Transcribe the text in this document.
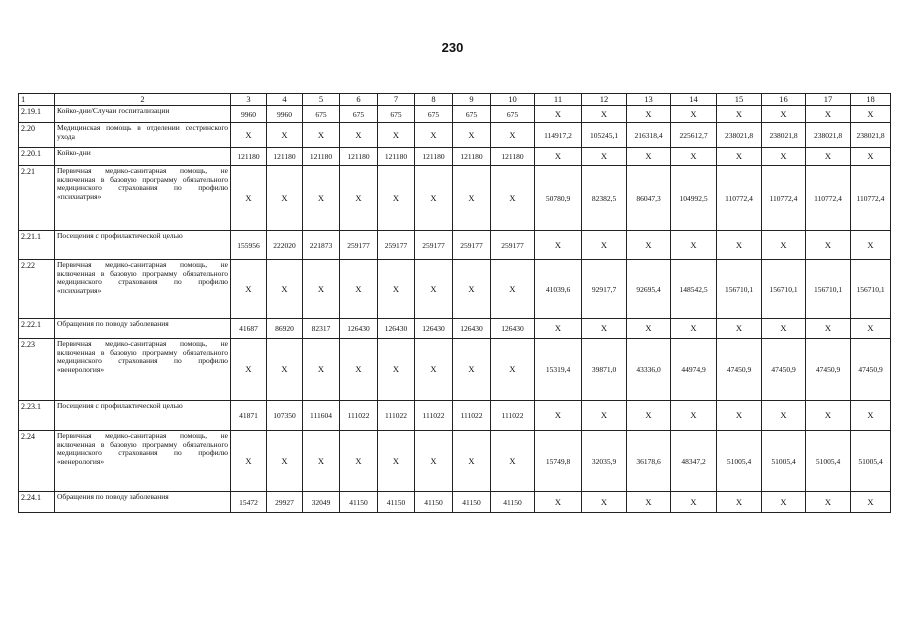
230
1	2	3	4	5	6	7	8	9	10	11	12	13	14	15	16	17	18
2.19.1	Койко-дни/Случаи госпитализации	9960	9960	675	675	675	675	675	675	X	X	X	X	X	X	X	X
2.20	Медицинская помощь в отделении сестринского ухода	X	X	X	X	X	X	X	X	114917,2	105245,1	216318,4	225612,7	238021,8	238021,8	238021,8	238021,8
2.20.1	Койко-дни	121180	121180	121180	121180	121180	121180	121180	121180	X	X	X	X	X	X	X	X
2.21	Первичная медико-санитарная помощь, не включенная в базовую программу обязательного медицинского страхования по профилю «психиатрия»	X	X	X	X	X	X	X	X	50780,9	82382,5	86047,3	104992,5	110772,4	110772,4	110772,4	110772,4
2.21.1	Посещения с профилактической целью	155956	222020	221873	259177	259177	259177	259177	259177	X	X	X	X	X	X	X	X
2.22	Первичная медико-санитарная помощь, не включенная в базовую программу обязательного медицинского страхования по профилю «психиатрия»	X	X	X	X	X	X	X	X	41039,6	92917,7	92695,4	148542,5	156710,1	156710,1	156710,1	156710,1
2.22.1	Обращения по поводу заболевания	41687	86920	82317	126430	126430	126430	126430	126430	X	X	X	X	X	X	X	X
2.23	Первичная медико-санитарная помощь, не включенная в базовую программу обязательного медицинского страхования по профилю «венерология»	X	X	X	X	X	X	X	X	15319,4	39871,0	43336,0	44974,9	47450,9	47450,9	47450,9	47450,9
2.23.1	Посещения с профилактической целью	41871	107350	111604	111022	111022	111022	111022	111022	X	X	X	X	X	X	X	X
2.24	Первичная медико-санитарная помощь, не включенная в базовую программу обязательного медицинского страхования по профилю «венерология»	X	X	X	X	X	X	X	X	15749,8	32035,9	36178,6	48347,2	51005,4	51005,4	51005,4	51005,4
2.24.1	Обращения по поводу заболевания	15472	29927	32049	41150	41150	41150	41150	41150	X	X	X	X	X	X	X	X
